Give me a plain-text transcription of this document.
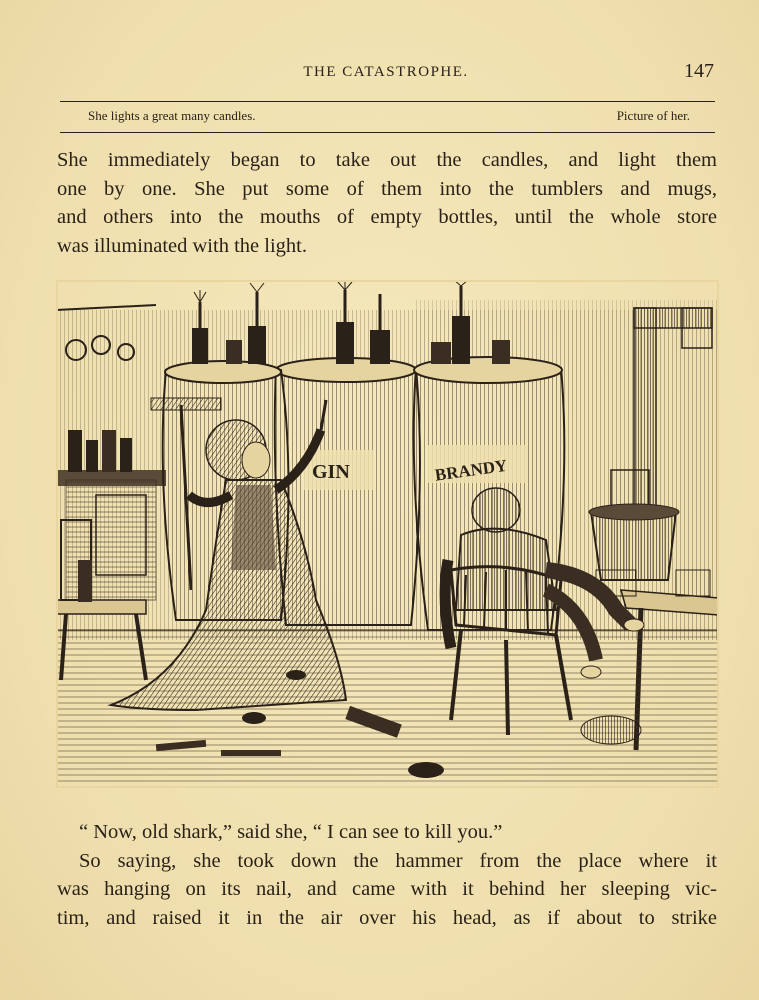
THE CATASTROPHE.	147
She lights a great many candles.	Picture of her.
She immediately began to take out the candles, and light them
one by one. She put some of them into the tumblers and mugs,
and others into the mouths of empty bottles, until the whole store
was illuminated with the light.
GIN	BRANDY
“ Now, old shark,” said she, “ I can see to kill you.”
So saying, she took down the hammer from the place where it
was hanging on its nail, and came with it behind her sleeping vic-
tim, and raised it in the air over his head, as if about to strike
